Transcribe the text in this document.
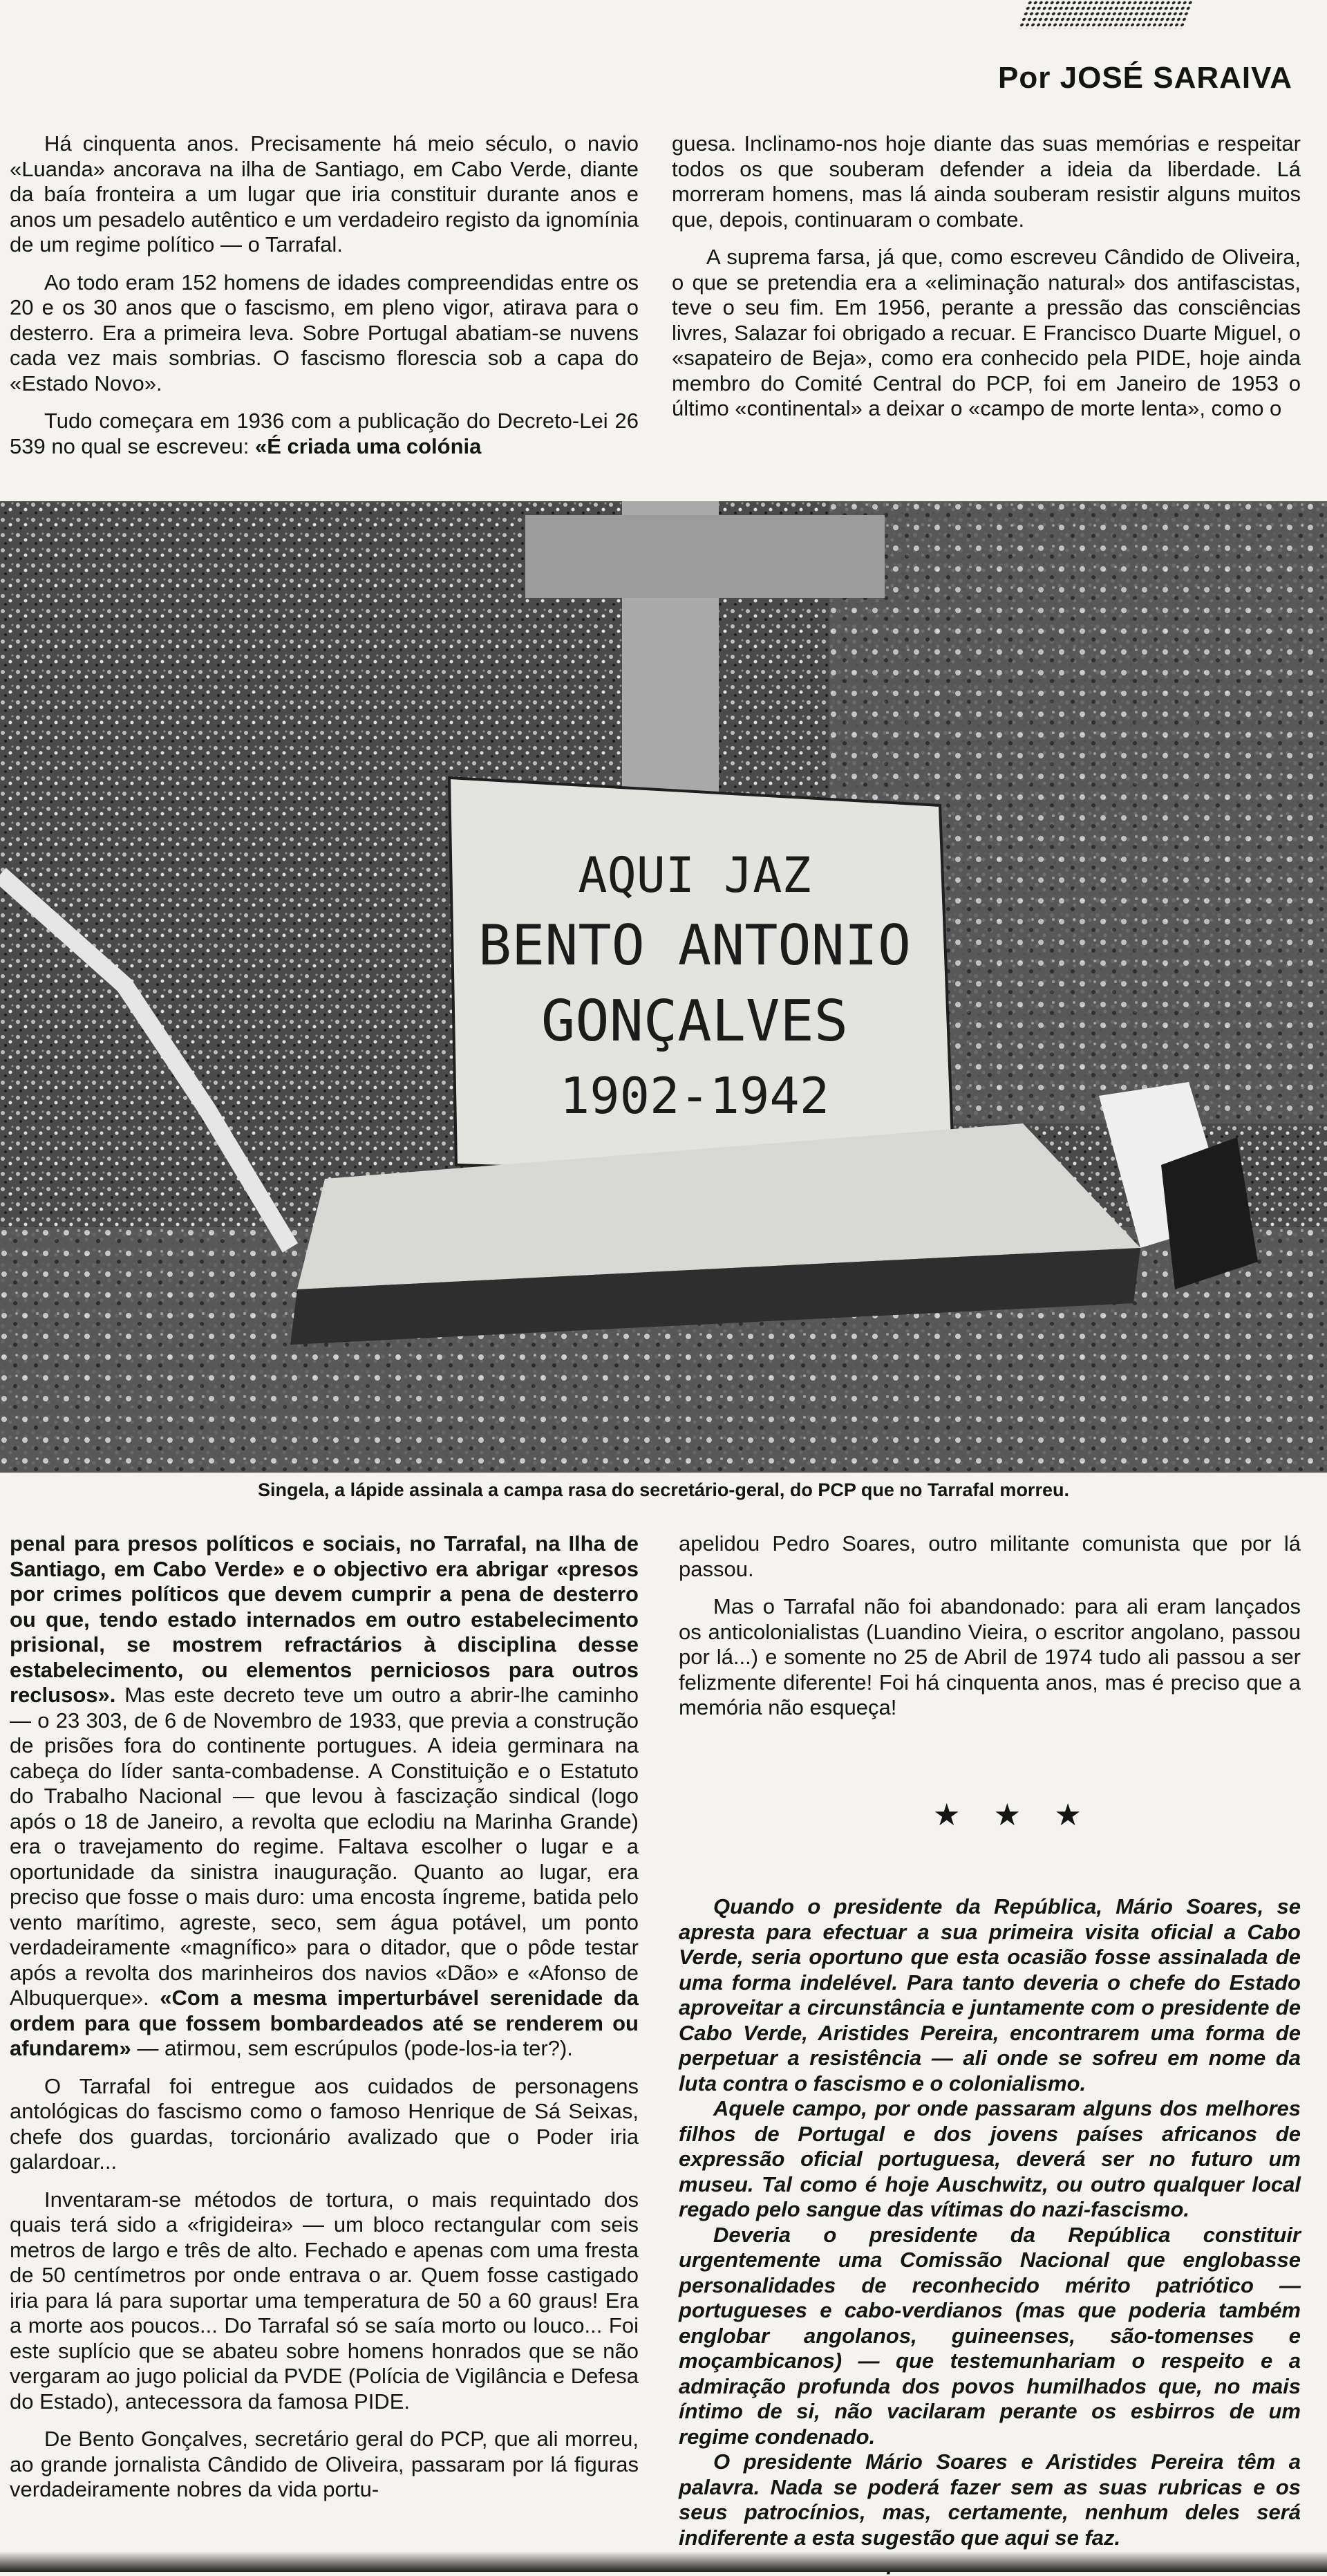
Por JOSÉ SARAIVA

Há cinquenta anos. Precisamente há meio século, o navio «Luanda» ancorava na ilha de Santiago, em Cabo Verde, diante da baía fronteira a um lugar que iria constituir durante anos e anos um pesadelo autêntico e um verdadeiro registo da ignomínia de um regime político — o Tarrafal.

Ao todo eram 152 homens de idades compreendidas entre os 20 e os 30 anos que o fascismo, em pleno vigor, atirava para o desterro. Era a primeira leva. Sobre Portugal abatiam-se nuvens cada vez mais sombrias. O fascismo florescia sob a capa do «Estado Novo».

Tudo começara em 1936 com a publicação do Decreto-Lei 26 539 no qual se escreveu: «É criada uma colónia

guesa. Inclinamo-nos hoje diante das suas memórias e respeitar todos os que souberam defender a ideia da liberdade. Lá morreram homens, mas lá ainda souberam resistir alguns muitos que, depois, continuaram o combate.

A suprema farsa, já que, como escreveu Cândido de Oliveira, o que se pretendia era a «eliminação natural» dos antifascistas, teve o seu fim. Em 1956, perante a pressão das consciências livres, Salazar foi obrigado a recuar. E Francisco Duarte Miguel, o «sapateiro de Beja», como era conhecido pela PIDE, hoje ainda membro do Comité Central do PCP, foi em Janeiro de 1953 o último «continental» a deixar o «campo de morte lenta», como o

AQUI JAZ
BENTO ANTONIO
GONÇALVES
1902-1942
Singela, a lápide assinala a campa rasa do secretário-geral, do PCP que no Tarrafal morreu.

penal para presos políticos e sociais, no Tarrafal, na Ilha de Santiago, em Cabo Verde» e o objectivo era abrigar «presos por crimes políticos que devem cumprir a pena de desterro ou que, tendo estado internados em outro estabelecimento prisional, se mostrem refractários à disciplina desse estabelecimento, ou elementos perniciosos para outros reclusos». Mas este decreto teve um outro a abrir-lhe caminho — o 23 303, de 6 de Novembro de 1933, que previa a construção de prisões fora do continente portugues. A ideia germinara na cabeça do líder santa-combadense. A Constituição e o Estatuto do Trabalho Nacional — que levou à fascização sindical (logo após o 18 de Janeiro, a revolta que eclodiu na Marinha Grande) era o travejamento do regime. Faltava escolher o lugar e a oportunidade da sinistra inauguração. Quanto ao lugar, era preciso que fosse o mais duro: uma encosta íngreme, batida pelo vento marítimo, agreste, seco, sem água potável, um ponto verdadeiramente «magnífico» para o ditador, que o pôde testar após a revolta dos marinheiros dos navios «Dão» e «Afonso de Albuquerque». «Com a mesma imperturbável serenidade da ordem para que fossem bombardeados até se renderem ou afundarem» — atirmou, sem escrúpulos (pode-los-ia ter?).

O Tarrafal foi entregue aos cuidados de personagens antológicas do fascismo como o famoso Henrique de Sá Seixas, chefe dos guardas, torcionário avalizado que o Poder iria galardoar...

Inventaram-se métodos de tortura, o mais requintado dos quais terá sido a «frigideira» — um bloco rectangular com seis metros de largo e três de alto. Fechado e apenas com uma fresta de 50 centímetros por onde entrava o ar. Quem fosse castigado iria para lá para suportar uma temperatura de 50 a 60 graus! Era a morte aos poucos... Do Tarrafal só se saía morto ou louco... Foi este suplício que se abateu sobre homens honrados que se não vergaram ao jugo policial da PVDE (Polícia de Vigilância e Defesa do Estado), antecessora da famosa PIDE.

De Bento Gonçalves, secretário geral do PCP, que ali morreu, ao grande jornalista Cândido de Oliveira, passaram por lá figuras verdadeiramente nobres da vida portu-

apelidou Pedro Soares, outro militante comunista que por lá passou.

Mas o Tarrafal não foi abandonado: para ali eram lançados os anticolonialistas (Luandino Vieira, o escritor angolano, passou por lá...) e somente no 25 de Abril de 1974 tudo ali passou a ser felizmente diferente! Foi há cinquenta anos, mas é preciso que a memória não esqueça!

★ ★ ★

Quando o presidente da República, Mário Soares, se apresta para efectuar a sua primeira visita oficial a Cabo Verde, seria oportuno que esta ocasião fosse assinalada de uma forma indelével. Para tanto deveria o chefe do Estado aproveitar a circunstância e juntamente com o presidente de Cabo Verde, Aristides Pereira, encontrarem uma forma de perpetuar a resistência — ali onde se sofreu em nome da luta contra o fascismo e o colonialismo.

Aquele campo, por onde passaram alguns dos melhores filhos de Portugal e dos jovens países africanos de expressão oficial portuguesa, deverá ser no futuro um museu. Tal como é hoje Auschwitz, ou outro qualquer local regado pelo sangue das vítimas do nazi-fascismo.

Deveria o presidente da República constituir urgentemente uma Comissão Nacional que englobasse personalidades de reconhecido mérito patriótico — portugueses e cabo-verdianos (mas que poderia também englobar angolanos, guineenses, são-tomenses e moçambicanos) — que testemunhariam o respeito e a admiração profunda dos povos humilhados que, no mais íntimo de si, não vacilaram perante os esbirros de um regime condenado.

O presidente Mário Soares e Aristides Pereira têm a palavra. Nada se poderá fazer sem as suas rubricas e os seus patrocínios, mas, certamente, nenhum deles será indiferente a esta sugestão que aqui se faz.
